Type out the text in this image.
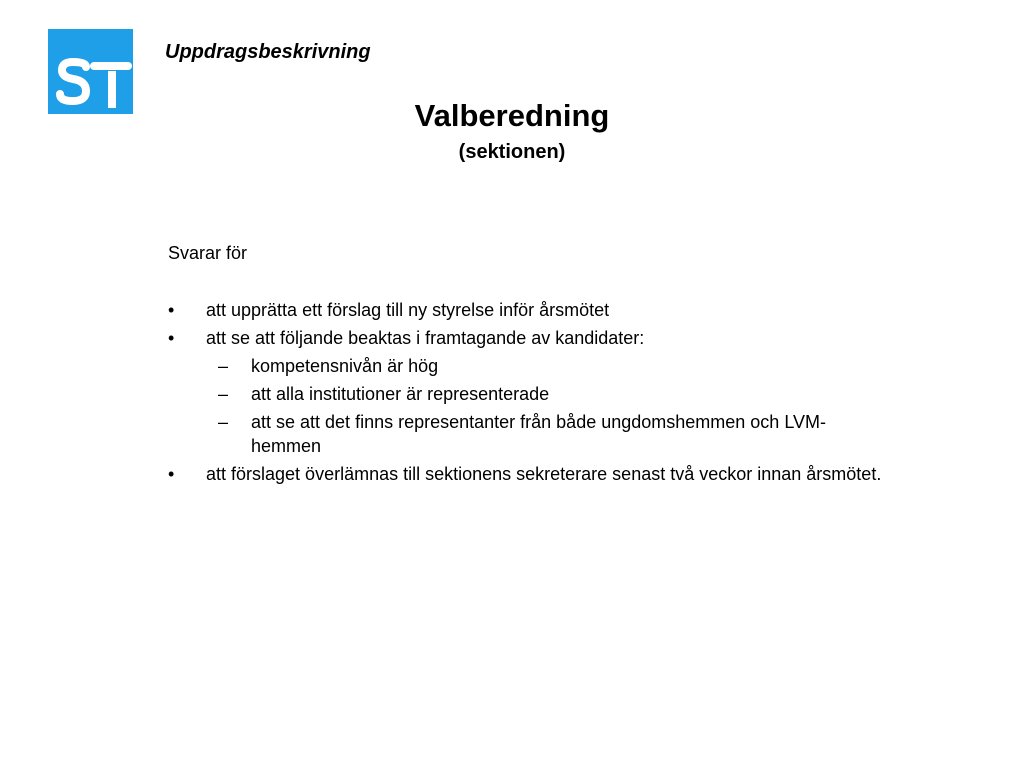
Uppdragsbeskrivning
Valberedning
(sektionen)

Svarar för

• att upprätta ett förslag till ny styrelse inför årsmötet
• att se att följande beaktas i framtagande av kandidater:
– kompetensnivån är hög
– att alla institutioner är representerade
– att se att det finns representanter från både ungdomshemmen och LVM-hemmen
• att förslaget överlämnas till sektionens sekreterare senast två veckor innan årsmötet.
